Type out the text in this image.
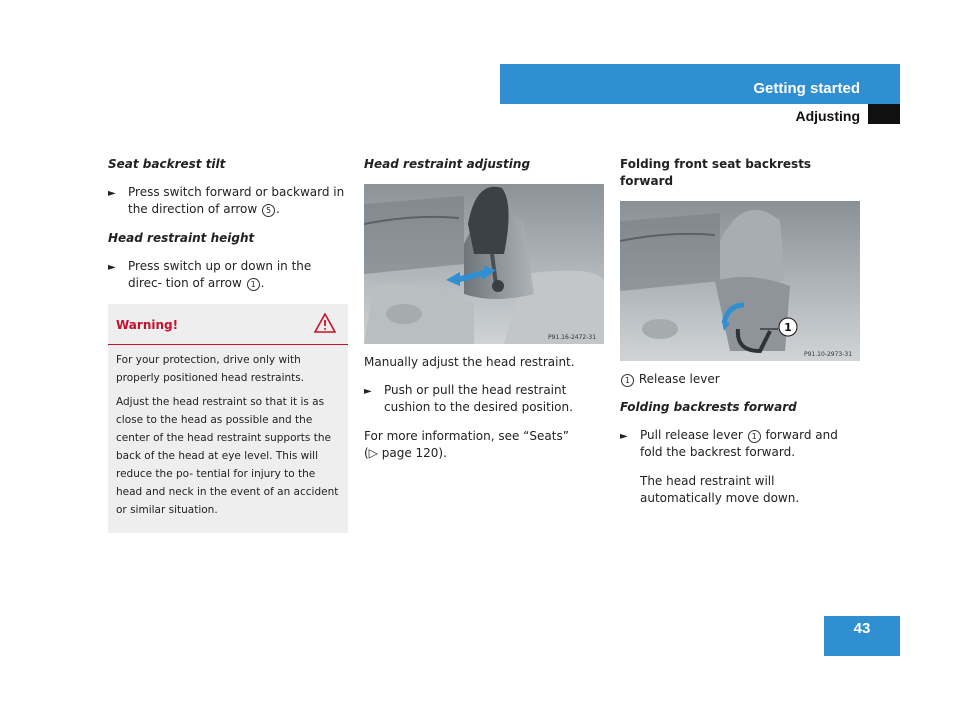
Getting started
Adjusting

Seat backrest tilt

►	Press switch forward or backward in the direction of arrow 5 .

Head restraint height

►	Press switch up or down in the direc- tion of arrow 1 .
Warning!

For your protection, drive only with properly positioned head restraints.

Adjust the head restraint so that it is as close to the head as possible and the center of the head restraint supports the back of the head at eye level. This will reduce the po- tential for injury to the head and neck in the event of an accident or similar situation.

Head restraint adjusting

P91.16-2472-31

Manually adjust the head restraint.

►	Push or pull the head restraint cushion to the desired position.

For more information, see “Seats”
(▷ page 120).

Folding front seat backrests forward

1
P91.10-2973-31

1 Release lever

Folding backrests forward

►	Pull release lever 1 forward and fold the backrest forward.

The head restraint will automatically move down.

43
